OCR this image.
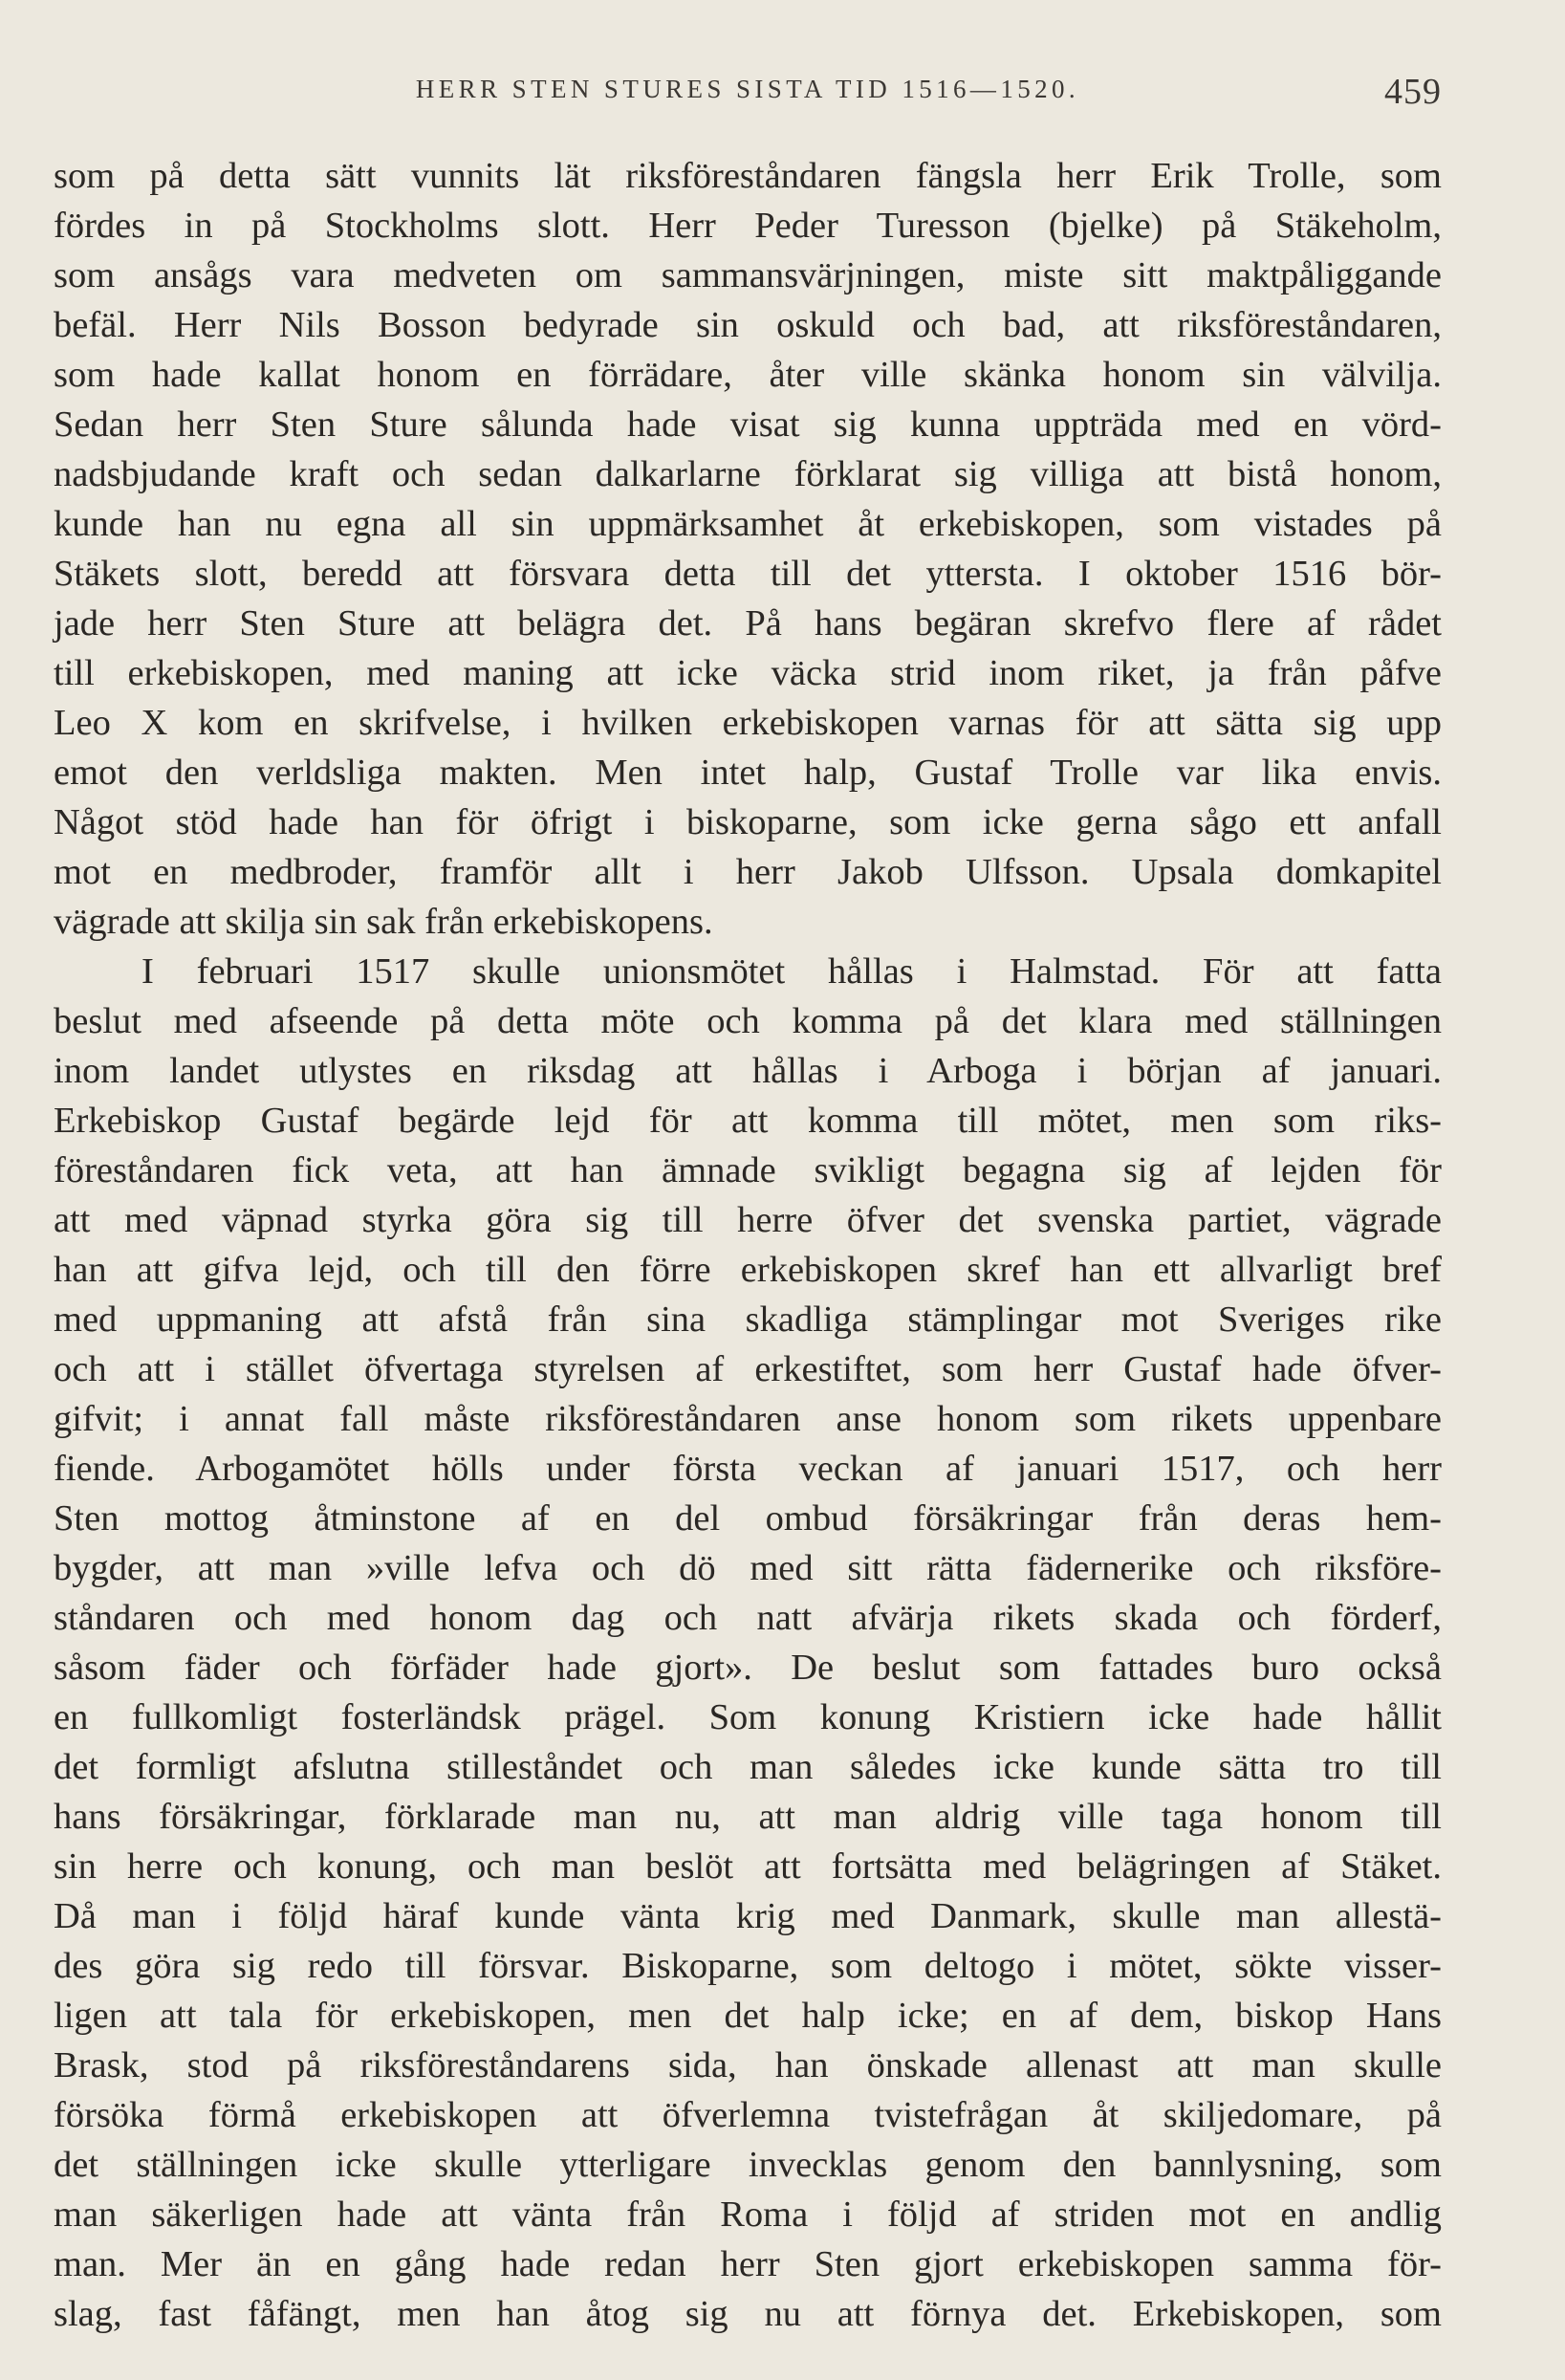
HERR STEN STURES SISTA TID 1516—1520.	459
som på detta sätt vunnits lät riksföreståndaren fängsla herr Erik Trolle, som
fördes in på Stockholms slott. Herr Peder Turesson (bjelke) på Stäkeholm,
som ansågs vara medveten om sammansvärjningen, miste sitt maktpåliggande
befäl. Herr Nils Bosson bedyrade sin oskuld och bad, att riksföreståndaren,
som hade kallat honom en förrädare, åter ville skänka honom sin välvilja.
Sedan herr Sten Sture sålunda hade visat sig kunna uppträda med en vörd-
nadsbjudande kraft och sedan dalkarlarne förklarat sig villiga att bistå honom,
kunde han nu egna all sin uppmärksamhet åt erkebiskopen, som vistades på
Stäkets slott, beredd att försvara detta till det yttersta. I oktober 1516 bör-
jade herr Sten Sture att belägra det. På hans begäran skrefvo flere af rådet
till erkebiskopen, med maning att icke väcka strid inom riket, ja från påfve
Leo X kom en skrifvelse, i hvilken erkebiskopen varnas för att sätta sig upp
emot den verldsliga makten. Men intet halp, Gustaf Trolle var lika envis.
Något stöd hade han för öfrigt i biskoparne, som icke gerna sågo ett anfall
mot en medbroder, framför allt i herr Jakob Ulfsson. Upsala domkapitel
vägrade att skilja sin sak från erkebiskopens.
I februari 1517 skulle unionsmötet hållas i Halmstad. För att fatta
beslut med afseende på detta möte och komma på det klara med ställningen
inom landet utlystes en riksdag att hållas i Arboga i början af januari.
Erkebiskop Gustaf begärde lejd för att komma till mötet, men som riks-
föreståndaren fick veta, att han ämnade svikligt begagna sig af lejden för
att med väpnad styrka göra sig till herre öfver det svenska partiet, vägrade
han att gifva lejd, och till den förre erkebiskopen skref han ett allvarligt bref
med uppmaning att afstå från sina skadliga stämplingar mot Sveriges rike
och att i stället öfvertaga styrelsen af erkestiftet, som herr Gustaf hade öfver-
gifvit; i annat fall måste riksföreståndaren anse honom som rikets uppenbare
fiende. Arbogamötet hölls under första veckan af januari 1517, och herr
Sten mottog åtminstone af en del ombud försäkringar från deras hem-
bygder, att man »ville lefva och dö med sitt rätta fädernerike och riksföre-
ståndaren och med honom dag och natt afvärja rikets skada och förderf,
såsom fäder och förfäder hade gjort». De beslut som fattades buro också
en fullkomligt fosterländsk prägel. Som konung Kristiern icke hade hållit
det formligt afslutna stilleståndet och man således icke kunde sätta tro till
hans försäkringar, förklarade man nu, att man aldrig ville taga honom till
sin herre och konung, och man beslöt att fortsätta med belägringen af Stäket.
Då man i följd häraf kunde vänta krig med Danmark, skulle man allestä-
des göra sig redo till försvar. Biskoparne, som deltogo i mötet, sökte visser-
ligen att tala för erkebiskopen, men det halp icke; en af dem, biskop Hans
Brask, stod på riksföreståndarens sida, han önskade allenast att man skulle
försöka förmå erkebiskopen att öfverlemna tvistefrågan åt skiljedomare, på
det ställningen icke skulle ytterligare invecklas genom den bannlysning, som
man säkerligen hade att vänta från Roma i följd af striden mot en andlig
man. Mer än en gång hade redan herr Sten gjort erkebiskopen samma för-
slag, fast fåfängt, men han åtog sig nu att förnya det. Erkebiskopen, som
